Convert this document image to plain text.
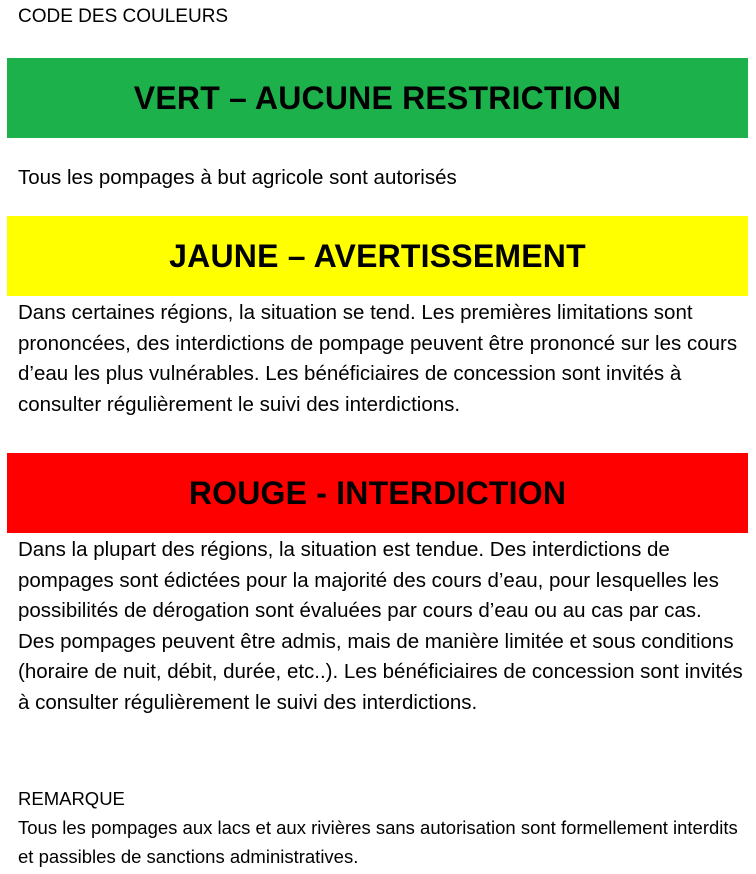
CODE DES COULEURS
VERT – AUCUNE RESTRICTION
Tous les pompages à but agricole sont autorisés
JAUNE – AVERTISSEMENT
Dans certaines régions, la situation se tend. Les premières limitations sont prononcées, des interdictions de pompage peuvent être prononcé sur les cours d’eau les plus vulnérables. Les bénéficiaires de concession sont invités à consulter régulièrement le suivi des interdictions.
ROUGE - INTERDICTION
Dans la plupart des régions, la situation est tendue. Des interdictions de pompages sont édictées pour la majorité des cours d’eau, pour lesquelles les possibilités de dérogation sont évaluées par cours d’eau ou au cas par cas. Des pompages peuvent être admis, mais de manière limitée et sous conditions (horaire de nuit, débit, durée, etc..). Les bénéficiaires de concession sont invités à consulter régulièrement le suivi des interdictions.
REMARQUE
Tous les pompages aux lacs et aux rivières sans autorisation sont formellement interdits et passibles de sanctions administratives.
